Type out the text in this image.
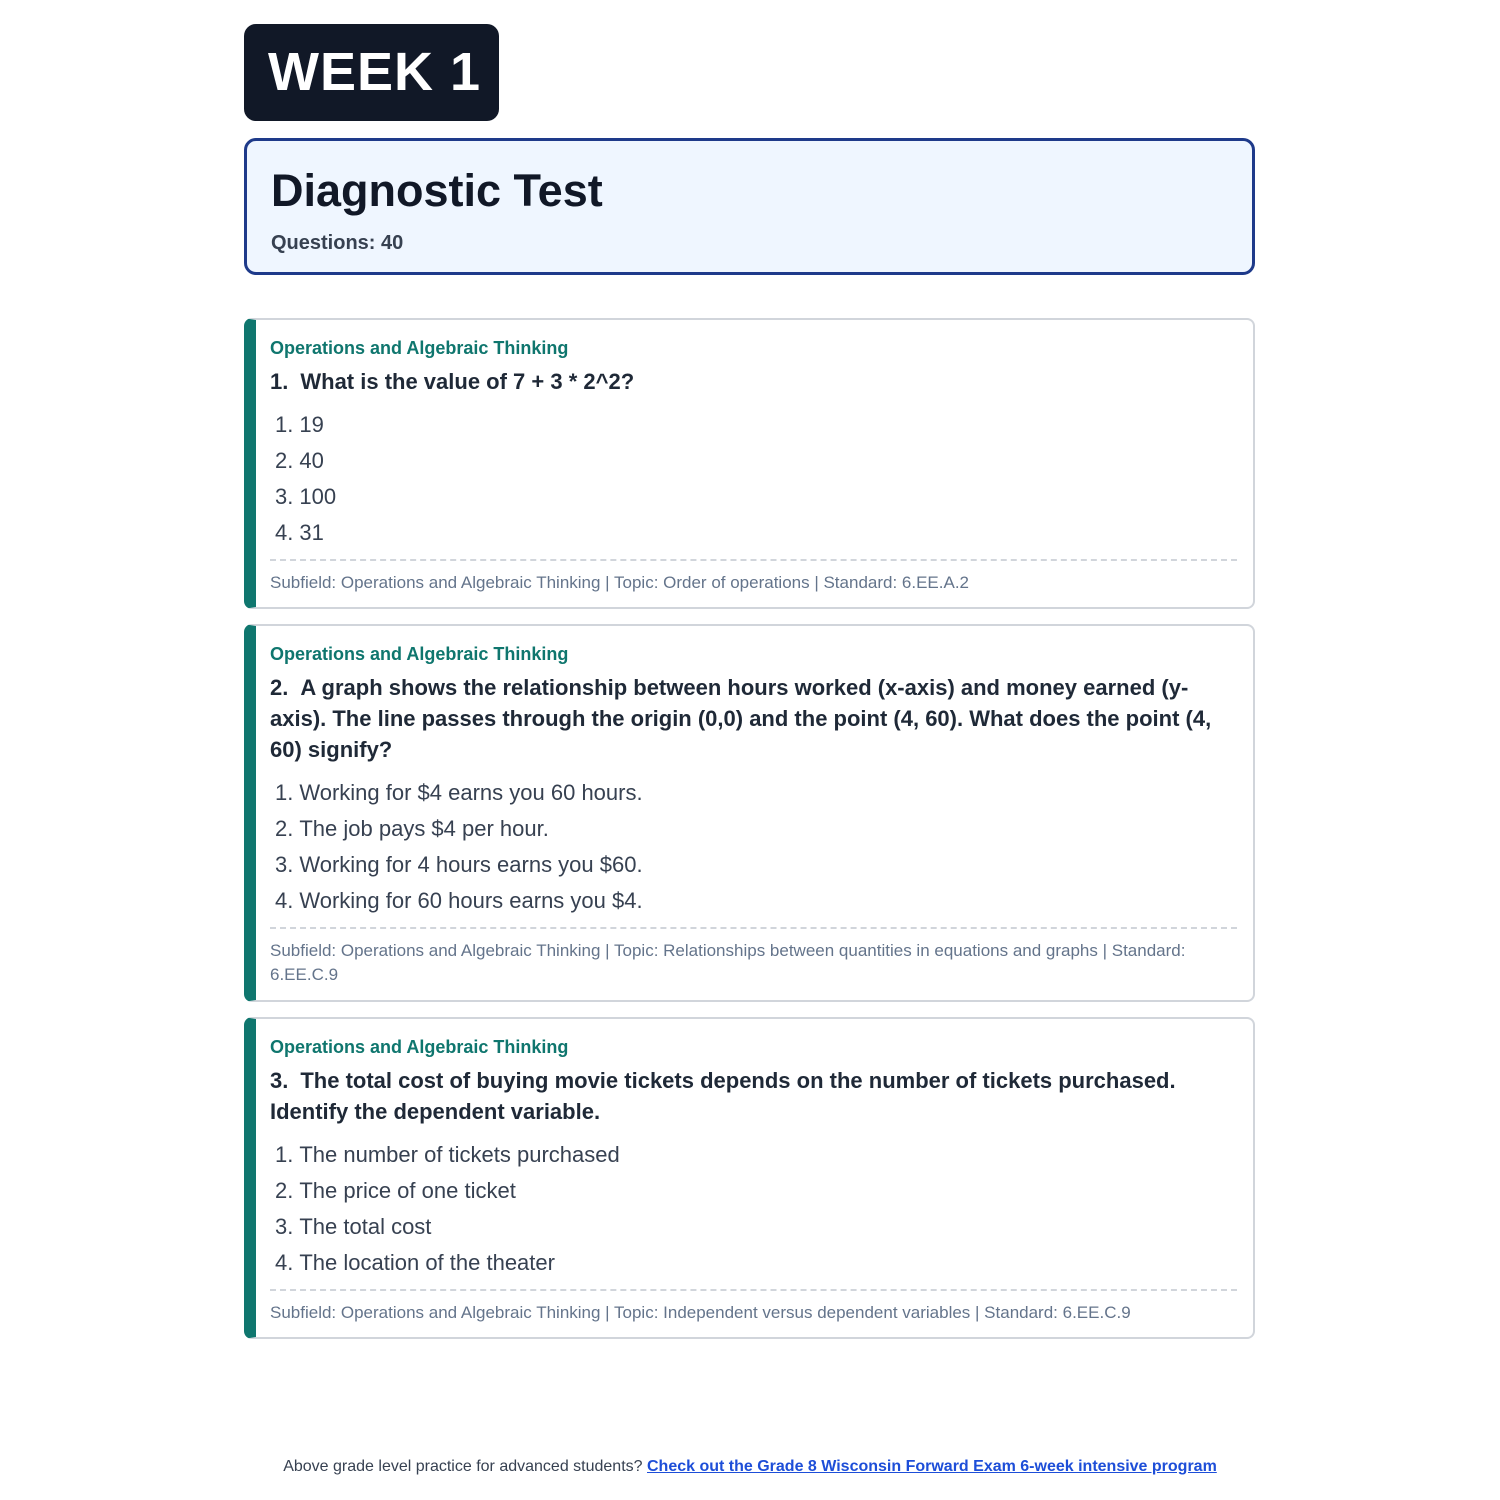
WEEK 1
Diagnostic Test
Questions: 40
Operations and Algebraic Thinking
1. What is the value of 7 + 3 * 2^2?
1. 19
2. 40
3. 100
4. 31
Subfield: Operations and Algebraic Thinking | Topic: Order of operations | Standard: 6.EE.A.2
Operations and Algebraic Thinking
2. A graph shows the relationship between hours worked (x-axis) and money earned (y-axis). The line passes through the origin (0,0) and the point (4, 60). What does the point (4, 60) signify?
1. Working for $4 earns you 60 hours.
2. The job pays $4 per hour.
3. Working for 4 hours earns you $60.
4. Working for 60 hours earns you $4.
Subfield: Operations and Algebraic Thinking | Topic: Relationships between quantities in equations and graphs | Standard: 6.EE.C.9
Operations and Algebraic Thinking
3. The total cost of buying movie tickets depends on the number of tickets purchased. Identify the dependent variable.
1. The number of tickets purchased
2. The price of one ticket
3. The total cost
4. The location of the theater
Subfield: Operations and Algebraic Thinking | Topic: Independent versus dependent variables | Standard: 6.EE.C.9
Above grade level practice for advanced students? Check out the Grade 8 Wisconsin Forward Exam 6-week intensive program
